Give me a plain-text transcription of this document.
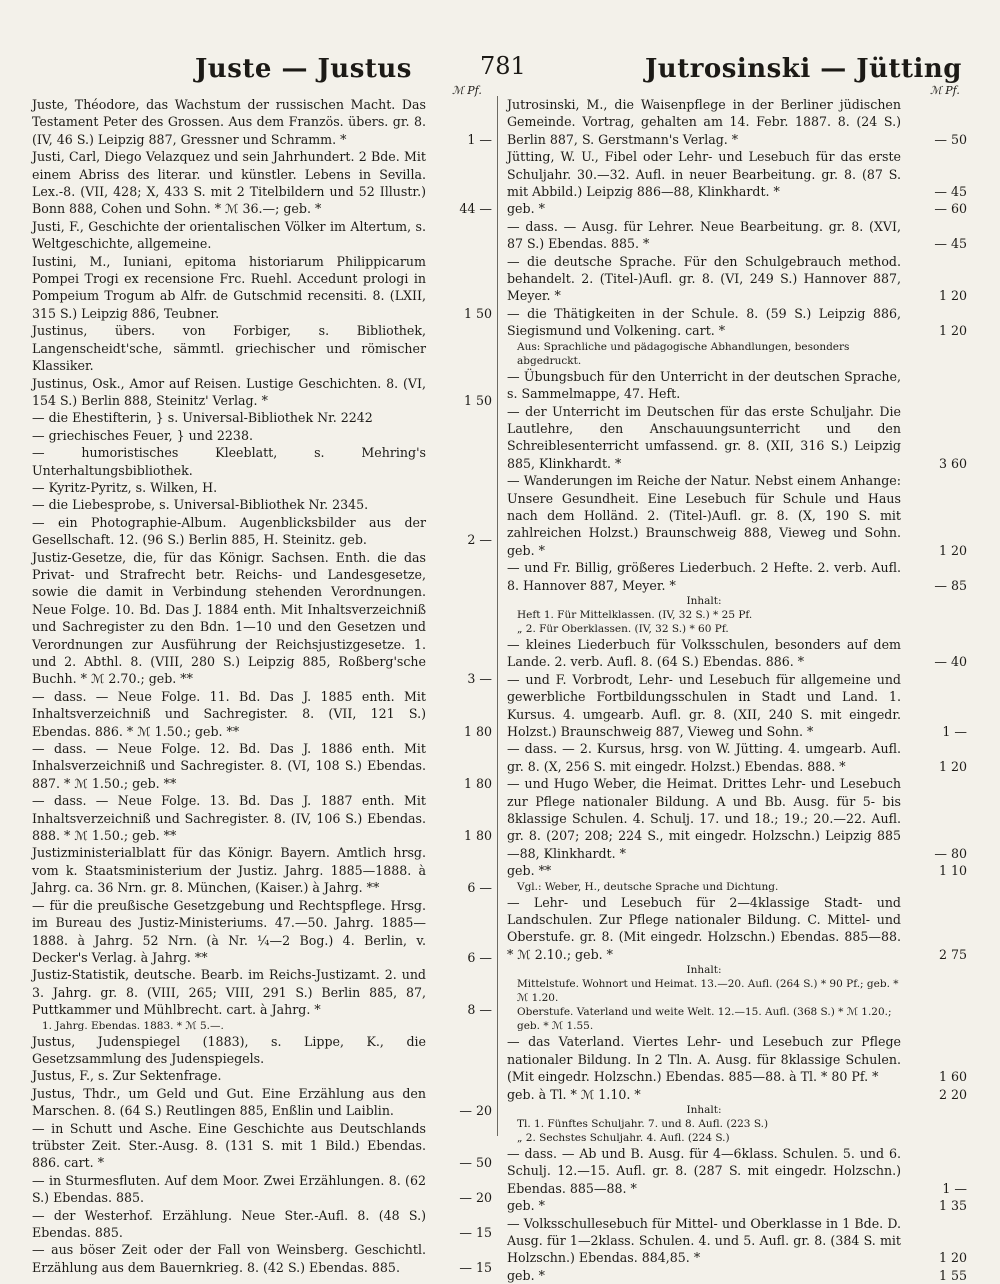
Juste — Justus	781	Jutrosinski — Jütting
ℳ Pf.	ℳ Pf.
Juste, Théodore, das Wachstum der russischen Macht. Das Testament Peter des Grossen. Aus dem Französ. übers. gr. 8. (IV, 46 S.) Leipzig 887, Gressner und Schramm. *	1 —
Justi, Carl, Diego Velazquez und sein Jahrhundert. 2 Bde. Mit einem Abriss des literar. und künstler. Lebens in Sevilla. Lex.-8. (VII, 428; X, 433 S. mit 2 Titelbildern und 52 Illustr.) Bonn 888, Cohen und Sohn. * ℳ 36.—; geb. *	44 —
Justi, F., Geschichte der orientalischen Völker im Altertum, s. Weltgeschichte, allgemeine.
Iustini, M., Iuniani, epitoma historiarum Philippicarum Pompei Trogi ex recensione Frc. Ruehl. Accedunt prologi in Pompeium Trogum ab Alfr. de Gutschmid recensiti. 8. (LXII, 315 S.) Leipzig 886, Teubner.	1 50
Justinus, übers. von Forbiger, s. Bibliothek, Langenscheidt'sche, sämmtl. griechischer und römischer Klassiker.
Justinus, Osk., Amor auf Reisen. Lustige Geschichten. 8. (VI, 154 S.) Berlin 888, Steinitz' Verlag. *	1 50
— die Ehestifterin, } s. Universal-Bibliothek Nr. 2242
— griechisches Feuer, } und 2238.
— humoristisches Kleeblatt, s. Mehring's Unterhaltungsbibliothek.
— Kyritz-Pyritz, s. Wilken, H.
— die Liebesprobe, s. Universal-Bibliothek Nr. 2345.
— ein Photographie-Album. Augenblicksbilder aus der Gesellschaft. 12. (96 S.) Berlin 885, H. Steinitz. geb.	2 —
Justiz-Gesetze, die, für das Königr. Sachsen. Enth. die das Privat- und Strafrecht betr. Reichs- und Landesgesetze, sowie die damit in Verbindung stehenden Verordnungen. Neue Folge. 10. Bd. Das J. 1884 enth. Mit Inhaltsverzeichniß und Sachregister zu den Bdn. 1—10 und den Gesetzen und Verordnungen zur Ausführung der Reichsjustizgesetze. 1. und 2. Abthl. 8. (VIII, 280 S.) Leipzig 885, Roßberg'sche Buchh. * ℳ 2.70.; geb. **	3 —
— dass. — Neue Folge. 11. Bd. Das J. 1885 enth. Mit Inhaltsverzeichniß und Sachregister. 8. (VII, 121 S.) Ebendas. 886. * ℳ 1.50.; geb. **	1 80
— dass. — Neue Folge. 12. Bd. Das J. 1886 enth. Mit Inhalsverzeichniß und Sachregister. 8. (VI, 108 S.) Ebendas. 887. * ℳ 1.50.; geb. **	1 80
— dass. — Neue Folge. 13. Bd. Das J. 1887 enth. Mit Inhaltsverzeichniß und Sachregister. 8. (IV, 106 S.) Ebendas. 888. * ℳ 1.50.; geb. **	1 80
Justizministerialblatt für das Königr. Bayern. Amtlich hrsg. vom k. Staatsministerium der Justiz. Jahrg. 1885—1888. à Jahrg. ca. 36 Nrn. gr. 8. München, (Kaiser.) à Jahrg. **	6 —
— für die preußische Gesetzgebung und Rechtspflege. Hrsg. im Bureau des Justiz-Ministeriums. 47.—50. Jahrg. 1885—1888. à Jahrg. 52 Nrn. (à Nr. ¼—2 Bog.) 4. Berlin, v. Decker's Verlag. à Jahrg. **	6 —
Justiz-Statistik, deutsche. Bearb. im Reichs-Justizamt. 2. und 3. Jahrg. gr. 8. (VIII, 265; VIII, 291 S.) Berlin 885, 87, Puttkammer und Mühlbrecht. cart. à Jahrg. *	8 —
1. Jahrg. Ebendas. 1883. * ℳ 5.—.
Justus, Judenspiegel (1883), s. Lippe, K., die Gesetzsammlung des Judenspiegels.
Justus, F., s. Zur Sektenfrage.
Justus, Thdr., um Geld und Gut. Eine Erzählung aus den Marschen. 8. (64 S.) Reutlingen 885, Enßlin und Laiblin.	— 20
— in Schutt und Asche. Eine Geschichte aus Deutschlands trübster Zeit. Ster.-Ausg. 8. (131 S. mit 1 Bild.) Ebendas. 886. cart. *	— 50
— in Sturmesfluten. Auf dem Moor. Zwei Erzählungen. 8. (62 S.) Ebendas. 885.	— 20
— der Westerhof. Erzählung. Neue Ster.-Aufl. 8. (48 S.) Ebendas. 885.	— 15
— aus böser Zeit oder der Fall von Weinsberg. Geschichtl. Erzählung aus dem Bauernkrieg. 8. (42 S.) Ebendas. 885.	— 15
Jutrosinski, M., die Waisenpflege in der Berliner jüdischen Gemeinde. Vortrag, gehalten am 14. Febr. 1887. 8. (24 S.) Berlin 887, S. Gerstmann's Verlag. *	— 50
Jütting, W. U., Fibel oder Lehr- und Lesebuch für das erste Schuljahr. 30.—32. Aufl. in neuer Bearbeitung. gr. 8. (87 S. mit Abbild.) Leipzig 886—88, Klinkhardt. *	— 45
geb. *	— 60
— dass. — Ausg. für Lehrer. Neue Bearbeitung. gr. 8. (XVI, 87 S.) Ebendas. 885. *	— 45
— die deutsche Sprache. Für den Schulgebrauch method. behandelt. 2. (Titel-)Aufl. gr. 8. (VI, 249 S.) Hannover 887, Meyer. *	1 20
— die Thätigkeiten in der Schule. 8. (59 S.) Leipzig 886, Siegismund und Volkening. cart. *	1 20
Aus: Sprachliche und pädagogische Abhandlungen, besonders abgedruckt.
— Übungsbuch für den Unterricht in der deutschen Sprache, s. Sammelmappe, 47. Heft.
— der Unterricht im Deutschen für das erste Schuljahr. Die Lautlehre, den Anschauungsunterricht und den Schreiblesenterricht umfassend. gr. 8. (XII, 316 S.) Leipzig 885, Klinkhardt. *	3 60
— Wanderungen im Reiche der Natur. Nebst einem Anhange: Unsere Gesundheit. Eine Lesebuch für Schule und Haus nach dem Holländ. 2. (Titel-)Aufl. gr. 8. (X, 190 S. mit zahlreichen Holzst.) Braunschweig 888, Vieweg und Sohn. geb. *	1 20
— und Fr. Billig, größeres Liederbuch. 2 Hefte. 2. verb. Aufl. 8. Hannover 887, Meyer. *	— 85
Inhalt:
Heft 1. Für Mittelklassen. (IV, 32 S.) * 25 Pf.
„ 2. Für Oberklassen. (IV, 32 S.) * 60 Pf.
— kleines Liederbuch für Volksschulen, besonders auf dem Lande. 2. verb. Aufl. 8. (64 S.) Ebendas. 886. *	— 40
— und F. Vorbrodt, Lehr- und Lesebuch für allgemeine und gewerbliche Fortbildungsschulen in Stadt und Land. 1. Kursus. 4. umgearb. Aufl. gr. 8. (XII, 240 S. mit eingedr. Holzst.) Braunschweig 887, Vieweg und Sohn. *	1 —
— dass. — 2. Kursus, hrsg. von W. Jütting. 4. umgearb. Aufl. gr. 8. (X, 256 S. mit eingedr. Holzst.) Ebendas. 888. *	1 20
— und Hugo Weber, die Heimat. Drittes Lehr- und Lesebuch zur Pflege nationaler Bildung. A und Bb. Ausg. für 5- bis 8klassige Schulen. 4. Schulj. 17. und 18.; 19.; 20.—22. Aufl. gr. 8. (207; 208; 224 S., mit eingedr. Holzschn.) Leipzig 885—88, Klinkhardt. *	— 80
geb. **	1 10
Vgl.: Weber, H., deutsche Sprache und Dichtung.
— Lehr- und Lesebuch für 2—4klassige Stadt- und Landschulen. Zur Pflege nationaler Bildung. C. Mittel- und Oberstufe. gr. 8. (Mit eingedr. Holzschn.) Ebendas. 885—88. * ℳ 2.10.; geb. *	2 75
Inhalt:
Mittelstufe. Wohnort und Heimat. 13.—20. Aufl. (264 S.) * 90 Pf.; geb. * ℳ 1.20.
Oberstufe. Vaterland und weite Welt. 12.—15. Aufl. (368 S.) * ℳ 1.20.; geb. * ℳ 1.55.
— das Vaterland. Viertes Lehr- und Lesebuch zur Pflege nationaler Bildung. In 2 Tln. A. Ausg. für 8klassige Schulen. (Mit eingedr. Holzschn.) Ebendas. 885—88. à Tl. * 80 Pf. *	1 60
geb. à Tl. * ℳ 1.10. *	2 20
Inhalt:
Tl. 1. Fünftes Schuljahr. 7. und 8. Aufl. (223 S.)
„ 2. Sechstes Schuljahr. 4. Aufl. (224 S.)
— dass. — Ab und B. Ausg. für 4—6klass. Schulen. 5. und 6. Schulj. 12.—15. Aufl. gr. 8. (287 S. mit eingedr. Holzschn.) Ebendas. 885—88. *	1 —
geb. *	1 35
— Volksschullesebuch für Mittel- und Oberklasse in 1 Bde. D. Ausg. für 1—2klass. Schulen. 4. und 5. Aufl. gr. 8. (384 S. mit Holzschn.) Ebendas. 884,85. *	1 20
geb. *	1 55
